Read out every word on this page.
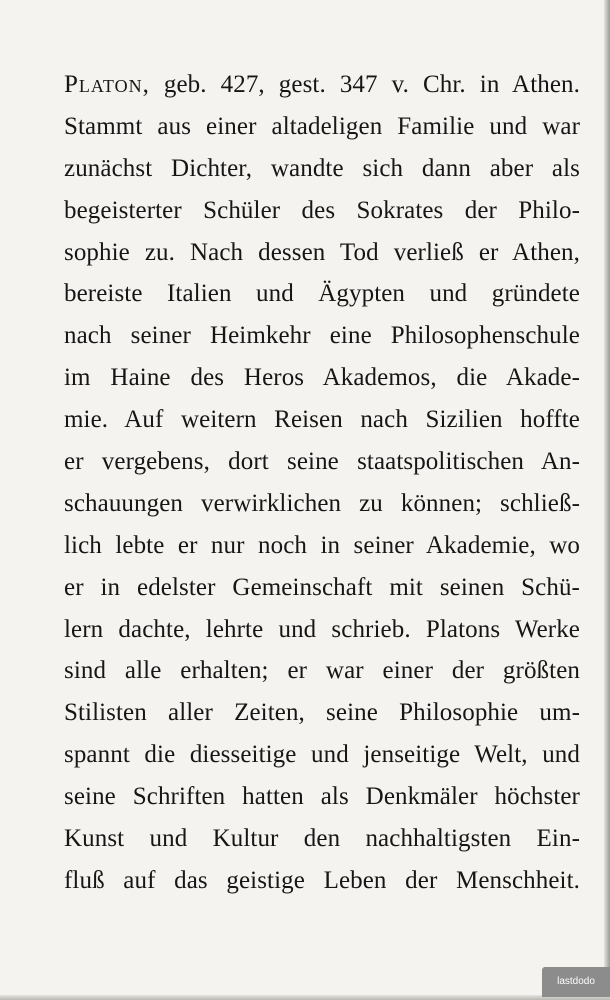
Platon, geb. 427, gest. 347 v. Chr. in Athen.
Stammt aus einer altadeligen Familie und war
zunächst Dichter, wandte sich dann aber als
begeisterter Schüler des Sokrates der Philo-
sophie zu. Nach dessen Tod verließ er Athen,
bereiste Italien und Ägypten und gründete
nach seiner Heimkehr eine Philosophenschule
im Haine des Heros Akademos, die Akade-
mie. Auf weitern Reisen nach Sizilien hoffte
er vergebens, dort seine staatspolitischen An-
schauungen verwirklichen zu können; schließ-
lich lebte er nur noch in seiner Akademie, wo
er in edelster Gemeinschaft mit seinen Schü-
lern dachte, lehrte und schrieb. Platons Werke
sind alle erhalten; er war einer der größten
Stilisten aller Zeiten, seine Philosophie um-
spannt die diesseitige und jenseitige Welt, und
seine Schriften hatten als Denkmäler höchster
Kunst und Kultur den nachhaltigsten Ein-
fluß auf das geistige Leben der Menschheit.
lastdodo
